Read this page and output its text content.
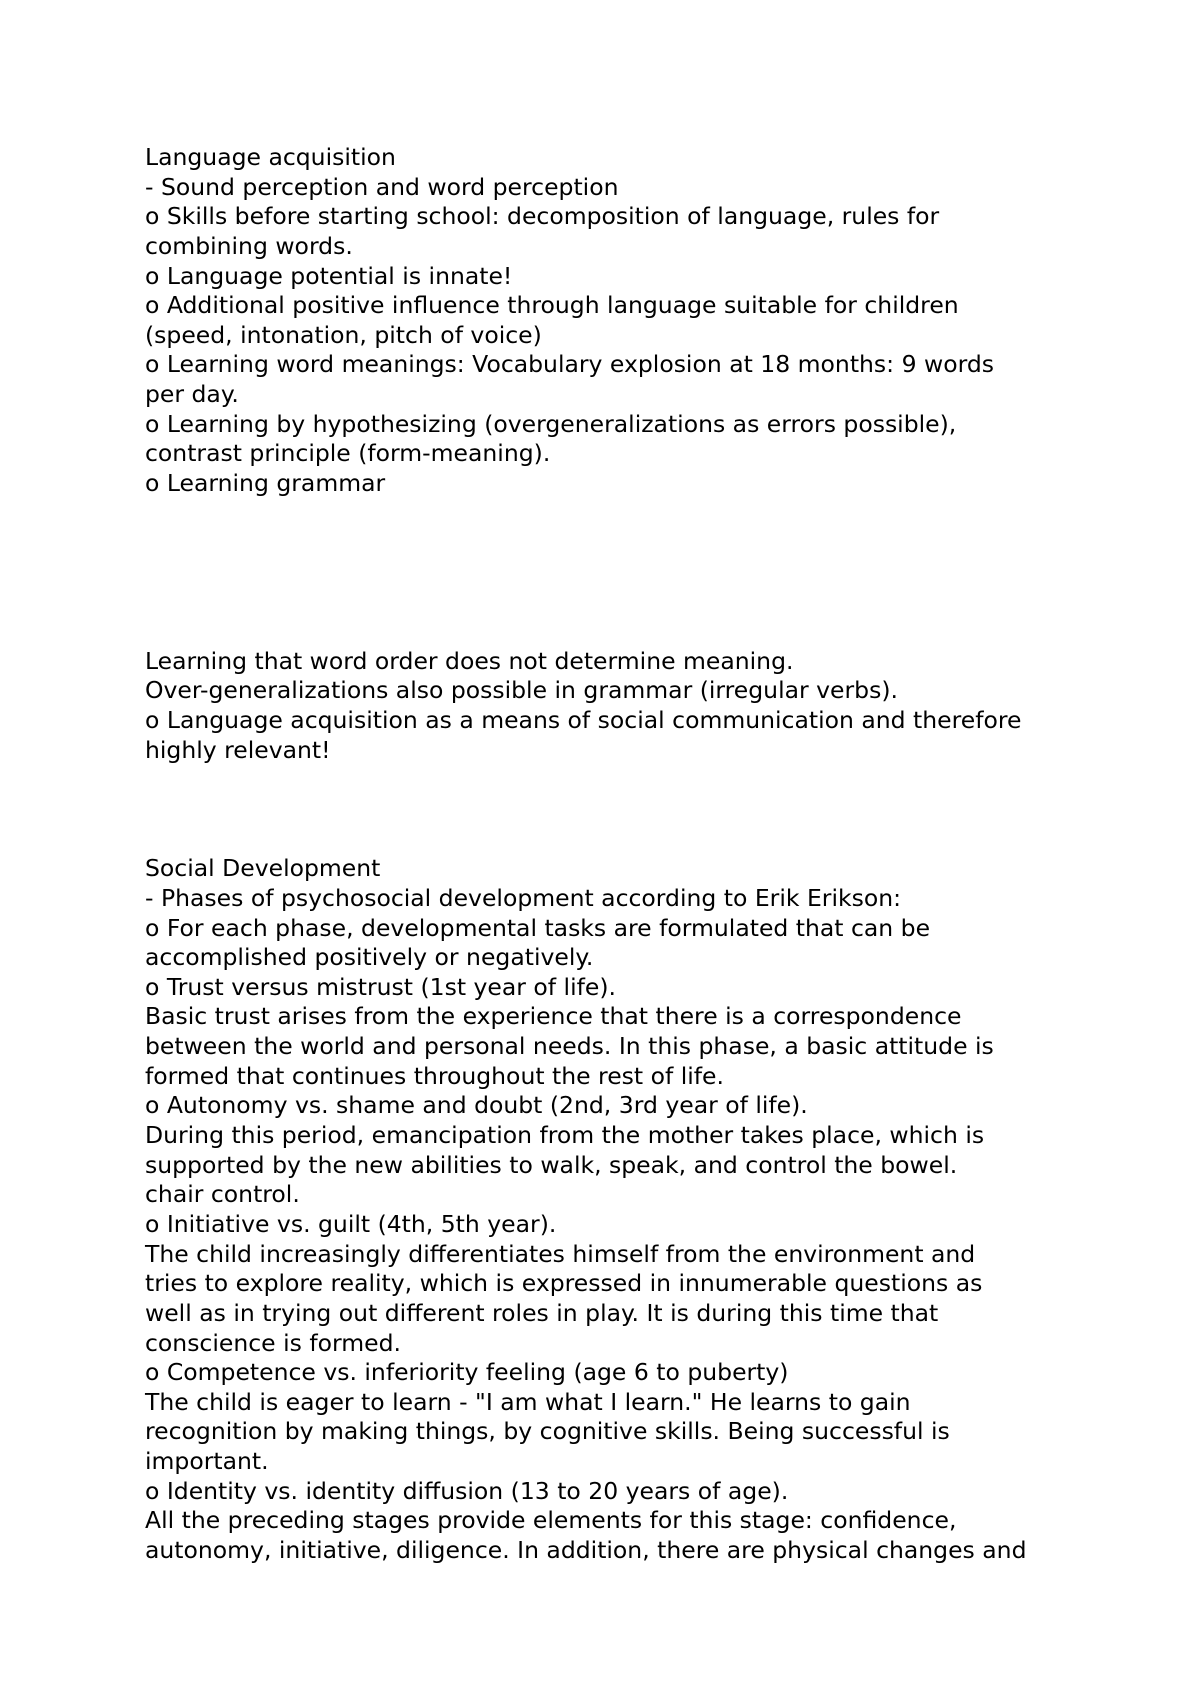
Language acquisition
- Sound perception and word perception
o Skills before starting school: decomposition of language, rules for
combining words.
o Language potential is innate!
o Additional positive influence through language suitable for children
(speed, intonation, pitch of voice)
o Learning word meanings: Vocabulary explosion at 18 months: 9 words
per day.
o Learning by hypothesizing (overgeneralizations as errors possible),
contrast principle (form-meaning).
o Learning grammar
Learning that word order does not determine meaning.
Over-generalizations also possible in grammar (irregular verbs).
o Language acquisition as a means of social communication and therefore
highly relevant!
Social Development
- Phases of psychosocial development according to Erik Erikson:
o For each phase, developmental tasks are formulated that can be
accomplished positively or negatively.
o Trust versus mistrust (1st year of life).
Basic trust arises from the experience that there is a correspondence
between the world and personal needs. In this phase, a basic attitude is
formed that continues throughout the rest of life.
o Autonomy vs. shame and doubt (2nd, 3rd year of life).
During this period, emancipation from the mother takes place, which is
supported by the new abilities to walk, speak, and control the bowel.
chair control.
o Initiative vs. guilt (4th, 5th year).
The child increasingly differentiates himself from the environment and
tries to explore reality, which is expressed in innumerable questions as
well as in trying out different roles in play. It is during this time that
conscience is formed.
o Competence vs. inferiority feeling (age 6 to puberty)
The child is eager to learn - "I am what I learn." He learns to gain
recognition by making things, by cognitive skills. Being successful is
important.
o Identity vs. identity diffusion (13 to 20 years of age).
All the preceding stages provide elements for this stage: confidence,
autonomy, initiative, diligence. In addition, there are physical changes and
